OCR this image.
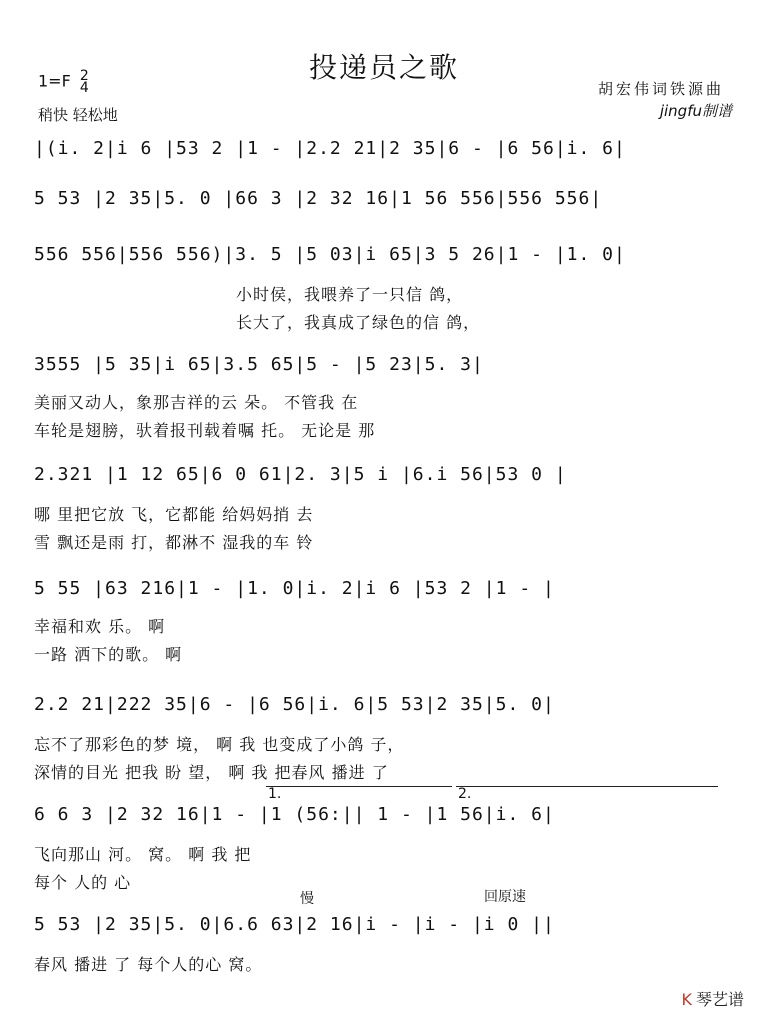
投递员之歌
1=F 2
4
稍快 轻松地
胡宏伟词铁源曲
jingfu制谱
|(i. 2|i 6 |53 2 |1 - |2.2 21|2 35|6 - |6 56|i. 6|
5 53 |2 35|5. 0 |66 3 |2 32 16|1 56 556|556 556|
556 556|556 556)|3. 5 |5 03|i 65|3 5 26|1 - |1. 0|
小时侯，我喂养了一只信 鸽，
长大了，我真成了绿色的信 鸽，
3555 |5 35|i 65|3.5 65|5 - |5 23|5. 3|
美丽又动人，象那吉祥的云 朵。 不管我 在
车轮是翅膀，驮着报刊载着嘱 托。 无论是 那
2.321 |1 12 65|6 0 61|2. 3|5 i |6.i 56|53 0 |
哪 里把它放 飞，它都能 给妈妈捎 去
雪 飘还是雨 打，都淋不 湿我的车 铃
5 55 |63 216|1 - |1. 0|i. 2|i 6 |53 2 |1 - |
幸福和欢 乐。 啊
一路 洒下的歌。 啊
2.2 21|222 35|6 - |6 56|i. 6|5 53|2 35|5. 0|
忘不了那彩色的梦 境， 啊 我 也变成了小鸽 子，
深情的目光 把我 盼 望， 啊 我 把春风 播进 了
1.	2.
6 6 3 |2 32 16|1 - |1 (56:|| 1 - |1 56|i. 6|
飞向那山 河。 窝。 啊 我 把
每个 人的 心
慢	回原速
5 53 |2 35|5. 0|6.6 63|2 16|i - |i - |i 0 ||
春风 播进 了 每个人的心 窝。
K 琴艺谱
